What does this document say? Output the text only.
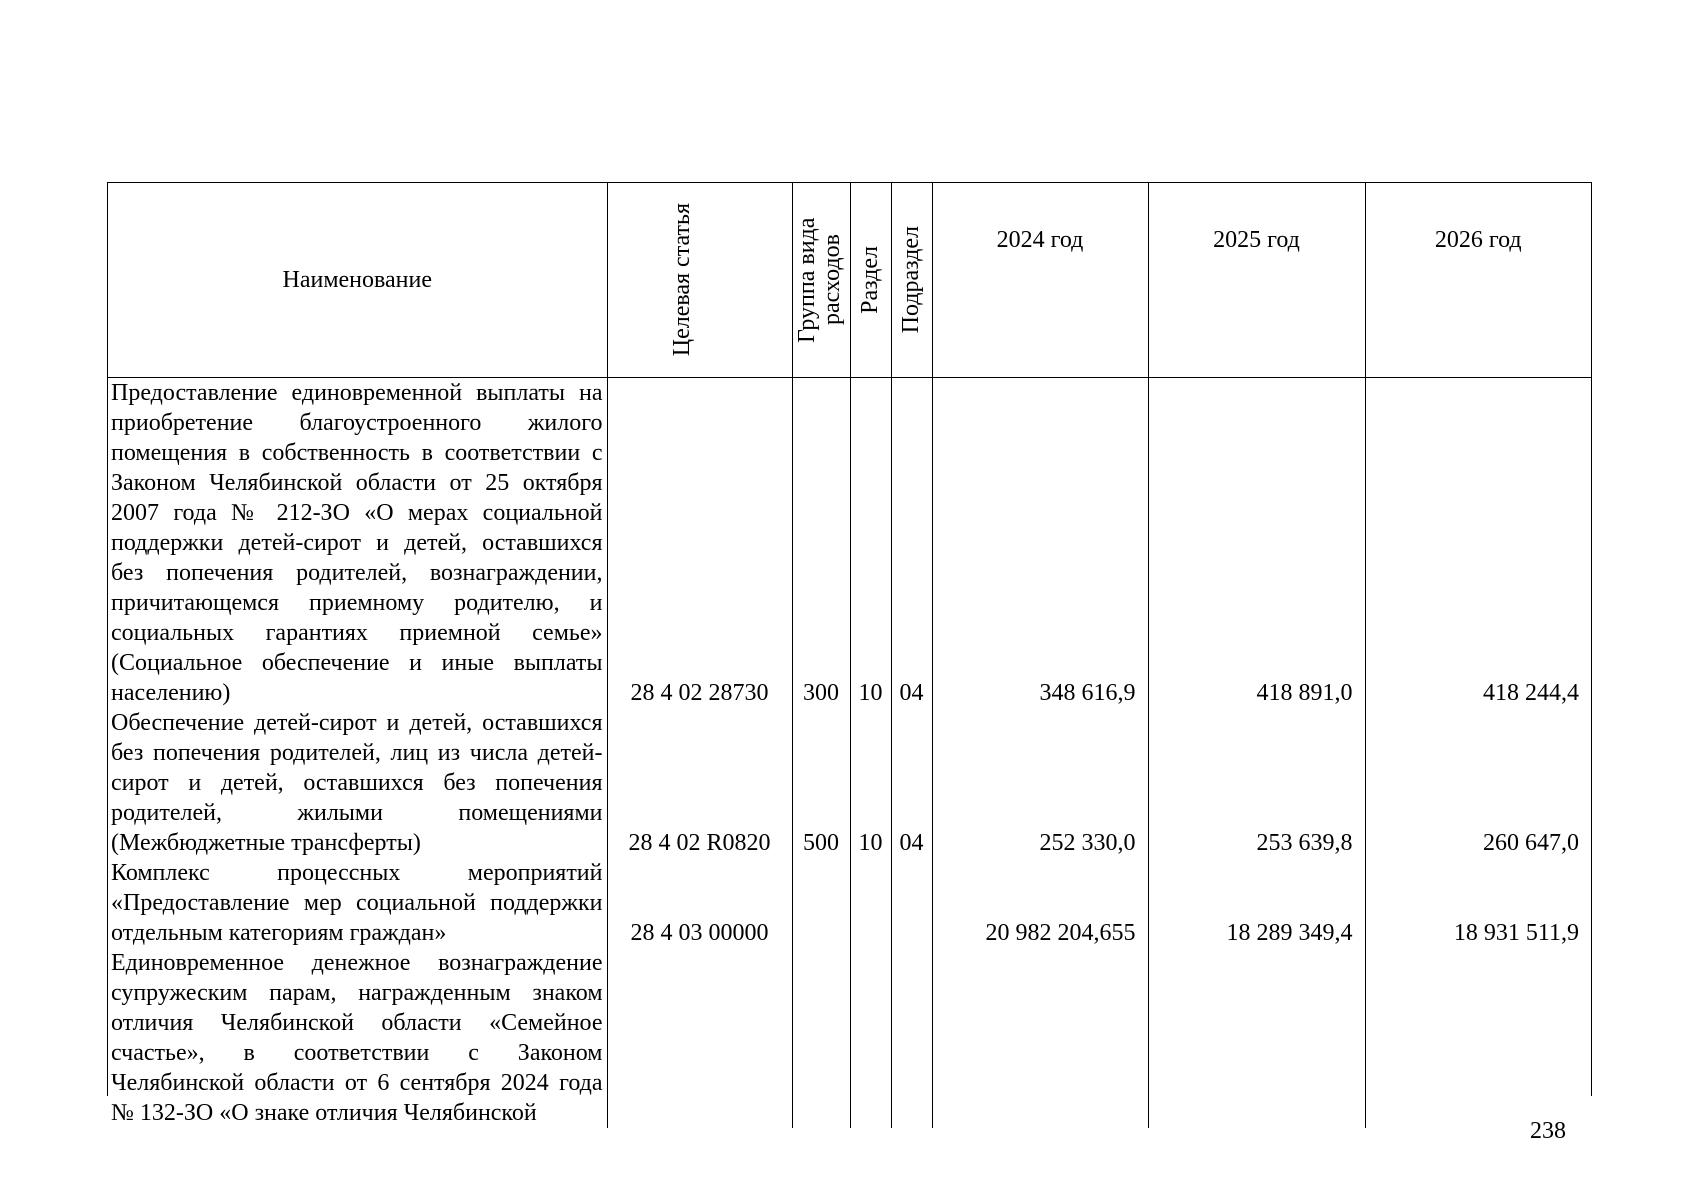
Наименование	Целевая статья	Группа вида расходов	Раздел	Подраздел	2024 год	2025 год	2026 год
Предоставление единовременной выплаты на приобретение благоустроенного жилого помещения в собственность в соответствии с Законом Челябинской области от 25 октября 2007 года № 212-ЗО «О мерах социальной поддержки детей-сирот и детей, оставшихся без попечения родителей, вознаграждении, причитающемся приемному родителю, и социальных гарантиях приемной семье» (Социальное обеспечение и иные выплаты населению)	28 4 02 28730	300	10	04	348 616,9	418 891,0	418 244,4
Обеспечение детей-сирот и детей, оставшихся без попечения родителей, лиц из числа детей-сирот и детей, оставшихся без попечения родителей, жилыми помещениями (Межбюджетные трансферты)	28 4 02 R0820	500	10	04	252 330,0	253 639,8	260 647,0
Комплекс процессных мероприятий «Предоставление мер социальной поддержки отдельным категориям граждан»	28 4 03 00000				20 982 204,655	18 289 349,4	18 931 511,9
Единовременное денежное вознаграждение супружеским парам, награжденным знаком отличия Челябинской области «Семейное счастье», в соответствии с Законом Челябинской области от 6 сентября 2024 года № 132-ЗО «О знаке отличия Челябинской							
238
